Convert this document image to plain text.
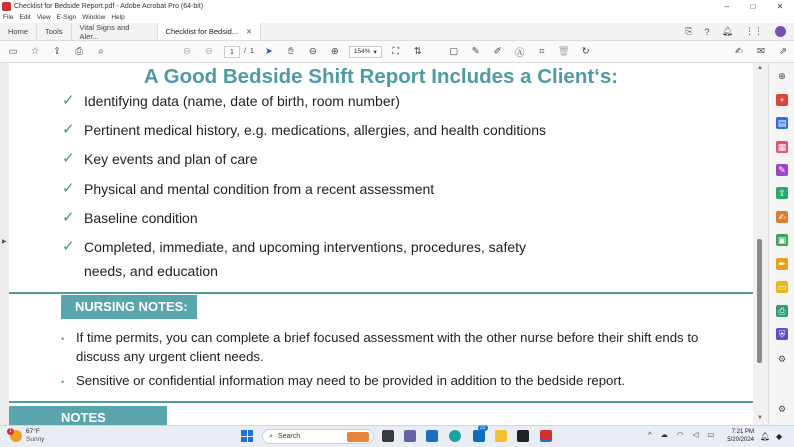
Checklist for Bedside Report.pdf - Adobe Acrobat Pro (64-bit)	–	□	✕
File Edit View E-Sign Window Help
Home Tools Vital Signs and Aler...	Checklist for Bedsid... ✕	⎘ ? 🔔︎ ⋮⋮
▭	☆	⇪	⎙	⌕	⊖	⊖	1	/ 1	➤	✋︎	⊖	⊕	154% ▾	⛶	⇅	▢	✎	✐	Ⓐ	⌗	🗑︎	↻	✍	✉	⇗
▶
A Good Bedside Shift Report Includes a Client‘s:
✓ Identifying data (name, date of birth, room number)
✓ Pertinent medical history, e.g. medications, allergies, and health conditions
✓ Key events and plan of care
✓ Physical and mental condition from a recent assessment
✓ Baseline condition
✓ Completed, immediate, and upcoming interventions, procedures, safety
needs, and education
NURSING NOTES:
• If time permits, you can complete a brief focused assessment with the other nurse before their shift ends to discuss any urgent client needs.
• Sensitive or confidential information may need to be provided in addition to the bedside report.
NOTES
▲
▼
⊕
+
▤
▦
✎
⇪
✍
▣
✒
▭
⎙
⛨
⚙
⚙
1	67°F
Sunny	⌕ Search
22
^ ☁ ◠ ◁ ▭	7:21 PM
5/20/2024 🔔︎ ◆
